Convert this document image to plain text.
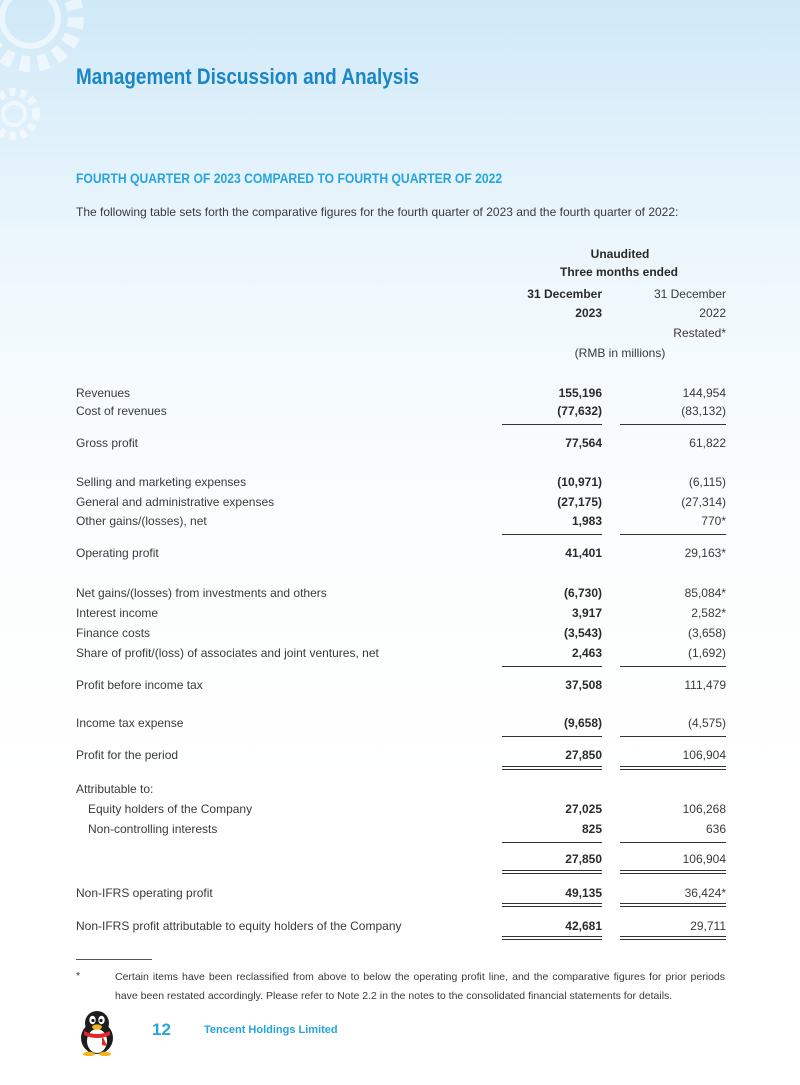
Management Discussion and Analysis
FOURTH QUARTER OF 2023 COMPARED TO FOURTH QUARTER OF 2022
The following table sets forth the comparative figures for the fourth quarter of 2023 and the fourth quarter of 2022:
Unaudited
Three months ended
31 December	31 December
2023	2022
Restated*
(RMB in millions)
Revenues	155,196	144,954
Cost of revenues	(77,632)	(83,132)
Gross profit	77,564	61,822
Selling and marketing expenses	(10,971)	(6,115)
General and administrative expenses	(27,175)	(27,314)
Other gains/(losses), net	1,983	770*
Operating profit	41,401	29,163*
Net gains/(losses) from investments and others	(6,730)	85,084*
Interest income	3,917	2,582*
Finance costs	(3,543)	(3,658)
Share of profit/(loss) of associates and joint ventures, net	2,463	(1,692)
Profit before income tax	37,508	111,479
Income tax expense	(9,658)	(4,575)
Profit for the period	27,850	106,904
Attributable to:
Equity holders of the Company	27,025	106,268
Non-controlling interests	825	636
27,850	106,904
Non-IFRS operating profit	49,135	36,424*
Non-IFRS profit attributable to equity holders of the Company	42,681	29,711
*	Certain items have been reclassified from above to below the operating profit line, and the comparative figures for prior periods have been restated accordingly. Please refer to Note 2.2 in the notes to the consolidated financial statements for details.
12	Tencent Holdings Limited
